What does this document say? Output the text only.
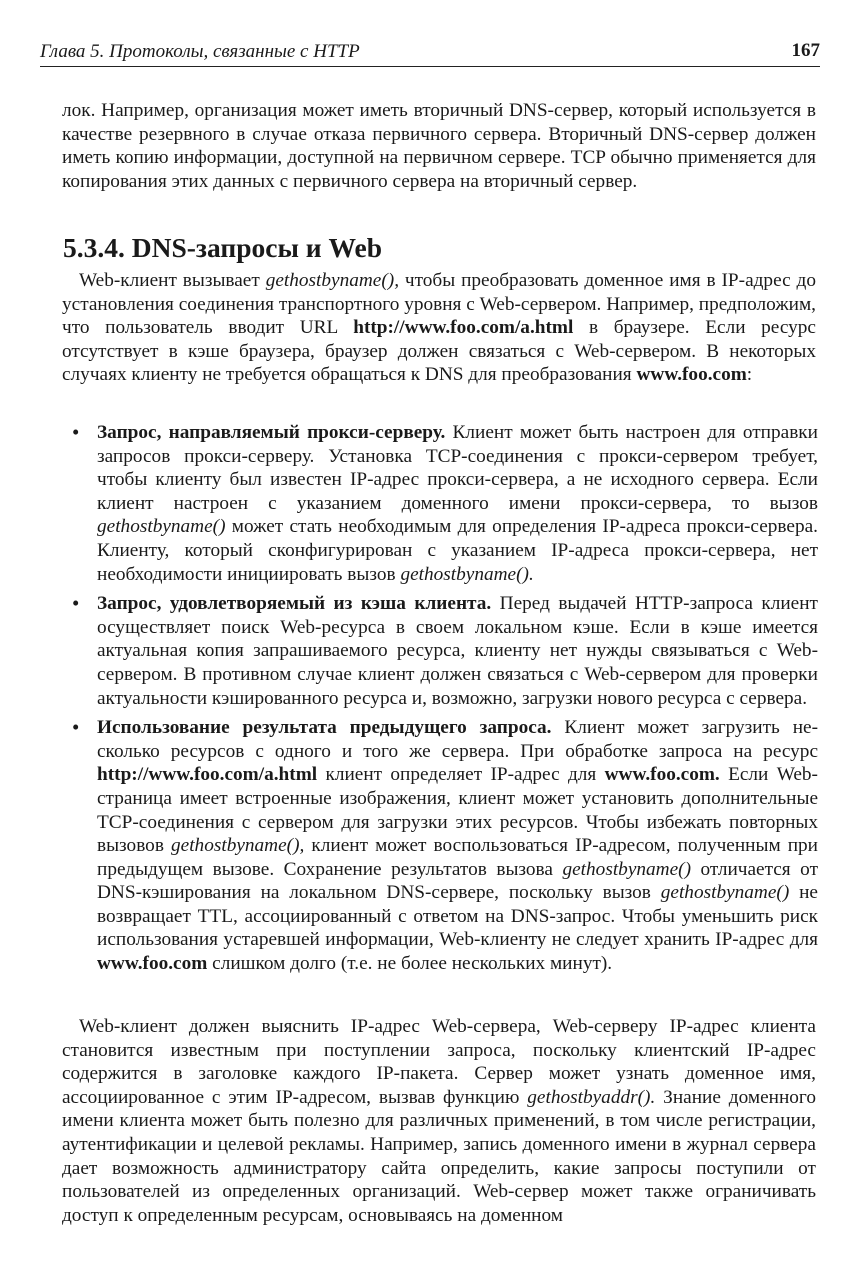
Глава 5. Протоколы, связанные с HTTP	167

лок. Например, организация может иметь вторичный DNS-сервер, который используется в качестве резервного в случае отказа первичного сервера. Вторичный DNS-сервер должен иметь копию информации, доступной на первичном сервере. TCP обычно применяется для копирования этих данных с первичного сервера на вторичный сервер.

5.3.4. DNS-запросы и Web

Web-клиент вызывает gethostbyname(), чтобы преобразовать доменное имя в IP-адрес до установления соединения транспортного уровня с Web-сервером. Например, предположим, что пользователь вводит URL http://www.foo.com/a.html в браузере. Если ресурс отсутствует в кэше браузера, браузер должен связаться с Web-сервером. В некоторых случаях клиенту не требуется обращаться к DNS для преобразования www.foo.com:

• Запрос, направляемый прокси-серверу. Клиент может быть настроен для отправки запросов прокси-серверу. Установка TCP-соединения с прокси-сервером требует, чтобы клиенту был известен IP-адрес прокси-сервера, а не исходного сервера. Если клиент настроен с указанием доменного имени прокси-сервера, то вызов gethostbyname() может стать необходимым для определения IP-адреса прокси-сервера. Клиенту, который сконфигурирован с указанием IP-адреса прокси-сервера, нет необходимости инициировать вызов gethostbyname().
• Запрос, удовлетворяемый из кэша клиента. Перед выдачей HTTP-запроса клиент осуществляет поиск Web-ресурса в своем локальном кэше. Если в кэше имеется актуальная копия запрашиваемого ресурса, клиенту нет нужды связываться с Web-сервером. В противном случае клиент должен связаться с Web-сервером для проверки актуальности кэшированного ресурса и, возможно, загрузки нового ресурса с сервера.
• Использование результата предыдущего запроса. Клиент может загрузить несколько ресурсов с одного и того же сервера. При обработке запроса на ресурс http://www.foo.com/a.html клиент определяет IP-адрес для www.foo.com. Если Web-страница имеет встроенные изображения, клиент может установить дополнительные TCP-соединения с сервером для загрузки этих ресурсов. Чтобы избежать повторных вызовов gethostbyname(), клиент может воспользоваться IP-адресом, полученным при предыдущем вызове. Сохранение результатов вызова gethostbyname() отличается от DNS-кэширования на локальном DNS-сервере, поскольку вызов gethostbyname() не возвращает TTL, ассоциированный с ответом на DNS-запрос. Чтобы уменьшить риск использования устаревшей информации, Web-клиенту не следует хранить IP-адрес для www.foo.com слишком долго (т.е. не более нескольких минут).

Web-клиент должен выяснить IP-адрес Web-сервера, Web-серверу IP-адрес клиента становится известным при поступлении запроса, поскольку клиентский IP-адрес содержится в заголовке каждого IP-пакета. Сервер может узнать доменное имя, ассоциированное с этим IP-адресом, вызвав функцию gethostbyaddr(). Знание доменного имени клиента может быть полезно для различных применений, в том числе регистрации, аутентификации и целевой рекламы. Например, запись доменного имени в журнал сервера дает возможность администратору сайта определить, какие запросы поступили от пользователей из определенных организаций. Web-сервер может также ограничивать доступ к определенным ресурсам, основываясь на доменном
